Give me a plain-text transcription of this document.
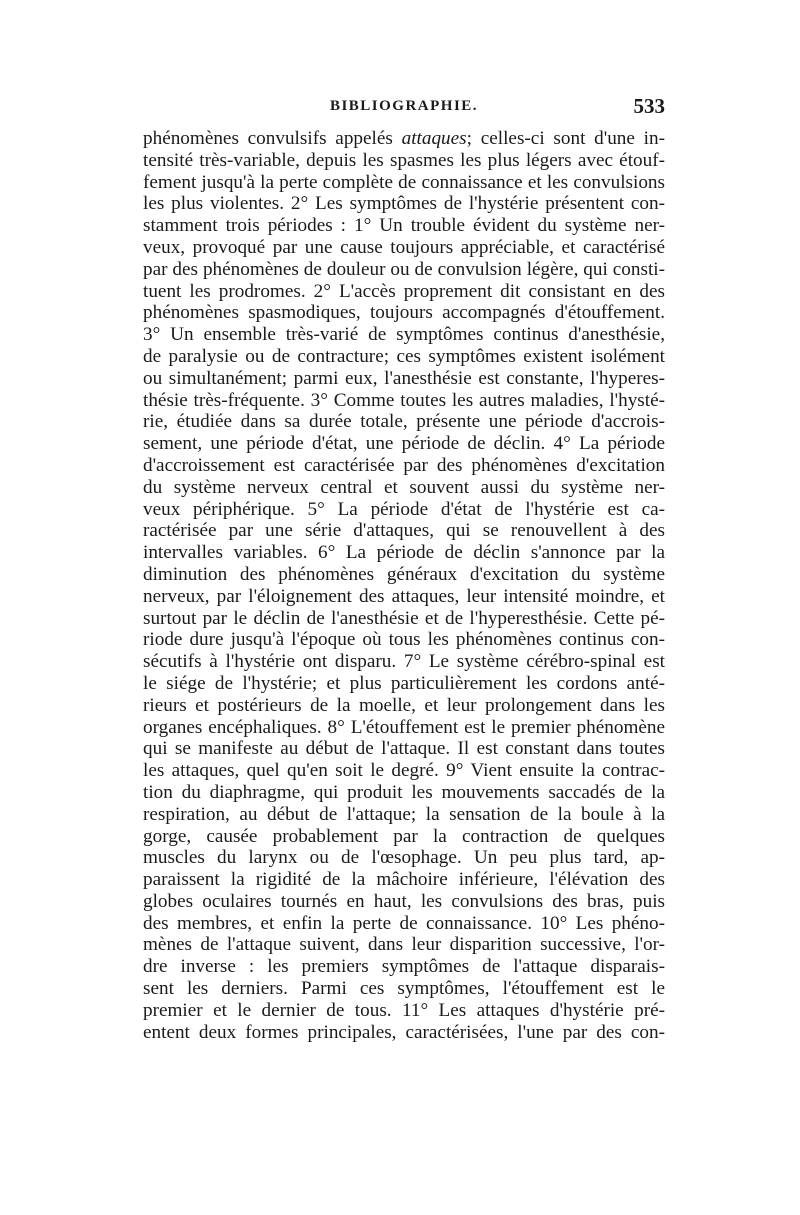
BIBLIOGRAPHIE.	533
phénomènes convulsifs appelés attaques; celles-ci sont d'une in-
tensité très-variable, depuis les spasmes les plus légers avec étouf-
fement jusqu'à la perte complète de connaissance et les convulsions
les plus violentes. 2° Les symptômes de l'hystérie présentent con-
stamment trois périodes : 1° Un trouble évident du système ner-
veux, provoqué par une cause toujours appréciable, et caractérisé
par des phénomènes de douleur ou de convulsion légère, qui consti-
tuent les prodromes. 2° L'accès proprement dit consistant en des
phénomènes spasmodiques, toujours accompagnés d'étouffement.
3° Un ensemble très-varié de symptômes continus d'anesthésie,
de paralysie ou de contracture; ces symptômes existent isolément
ou simultanément; parmi eux, l'anesthésie est constante, l'hyperes-
thésie très-fréquente. 3° Comme toutes les autres maladies, l'hysté-
rie, étudiée dans sa durée totale, présente une période d'accrois-
sement, une période d'état, une période de déclin. 4° La période
d'accroissement est caractérisée par des phénomènes d'excitation
du système nerveux central et souvent aussi du système ner-
veux périphérique. 5° La période d'état de l'hystérie est ca-
ractérisée par une série d'attaques, qui se renouvellent à des
intervalles variables. 6° La période de déclin s'annonce par la
diminution des phénomènes généraux d'excitation du système
nerveux, par l'éloignement des attaques, leur intensité moindre, et
surtout par le déclin de l'anesthésie et de l'hyperesthésie. Cette pé-
riode dure jusqu'à l'époque où tous les phénomènes continus con-
sécutifs à l'hystérie ont disparu. 7° Le système cérébro-spinal est
le siége de l'hystérie; et plus particulièrement les cordons anté-
rieurs et postérieurs de la moelle, et leur prolongement dans les
organes encéphaliques. 8° L'étouffement est le premier phénomène
qui se manifeste au début de l'attaque. Il est constant dans toutes
les attaques, quel qu'en soit le degré. 9° Vient ensuite la contrac-
tion du diaphragme, qui produit les mouvements saccadés de la
respiration, au début de l'attaque; la sensation de la boule à la
gorge, causée probablement par la contraction de quelques
muscles du larynx ou de l'œsophage. Un peu plus tard, ap-
paraissent la rigidité de la mâchoire inférieure, l'élévation des
globes oculaires tournés en haut, les convulsions des bras, puis
des membres, et enfin la perte de connaissance. 10° Les phéno-
mènes de l'attaque suivent, dans leur disparition successive, l'or-
dre inverse : les premiers symptômes de l'attaque disparais-
sent les derniers. Parmi ces symptômes, l'étouffement est le
premier et le dernier de tous. 11° Les attaques d'hystérie pré-
entent deux formes principales, caractérisées, l'une par des con-
